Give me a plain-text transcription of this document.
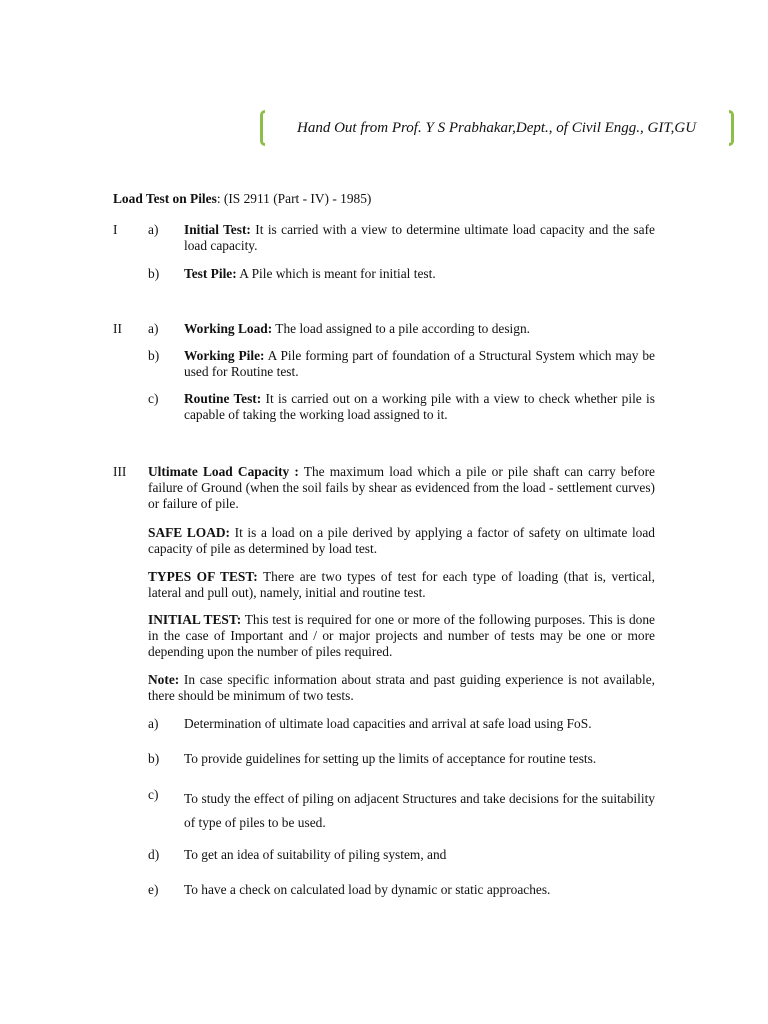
Hand Out from Prof. Y S Prabhakar,Dept., of Civil Engg., GIT,GU
Load Test on Piles: (IS 2911 (Part - IV) - 1985)
I a) Initial Test: It is carried with a view to determine ultimate load capacity and the safe load capacity.
b) Test Pile: A Pile which is meant for initial test.
II a) Working Load: The load assigned to a pile according to design.
b) Working Pile: A Pile forming part of foundation of a Structural System which may be used for Routine test.
c) Routine Test: It is carried out on a working pile with a view to check whether pile is capable of taking the working load assigned to it.
III Ultimate Load Capacity : The maximum load which a pile or pile shaft can carry before failure of Ground (when the soil fails by shear as evidenced from the load - settlement curves) or failure of pile.
SAFE LOAD: It is a load on a pile derived by applying a factor of safety on ultimate load capacity of pile as determined by load test.
TYPES OF TEST: There are two types of test for each type of loading (that is, vertical, lateral and pull out), namely, initial and routine test.
INITIAL TEST: This test is required for one or more of the following purposes. This is done in the case of Important and / or major projects and number of tests may be one or more depending upon the number of piles required.
Note: In case specific information about strata and past guiding experience is not available, there should be minimum of two tests.
a) Determination of ultimate load capacities and arrival at safe load using FoS.
b) To provide guidelines for setting up the limits of acceptance for routine tests.
c) To study the effect of piling on adjacent Structures and take decisions for the suitability of type of piles to be used.
d) To get an idea of suitability of piling system, and
e) To have a check on calculated load by dynamic or static approaches.
